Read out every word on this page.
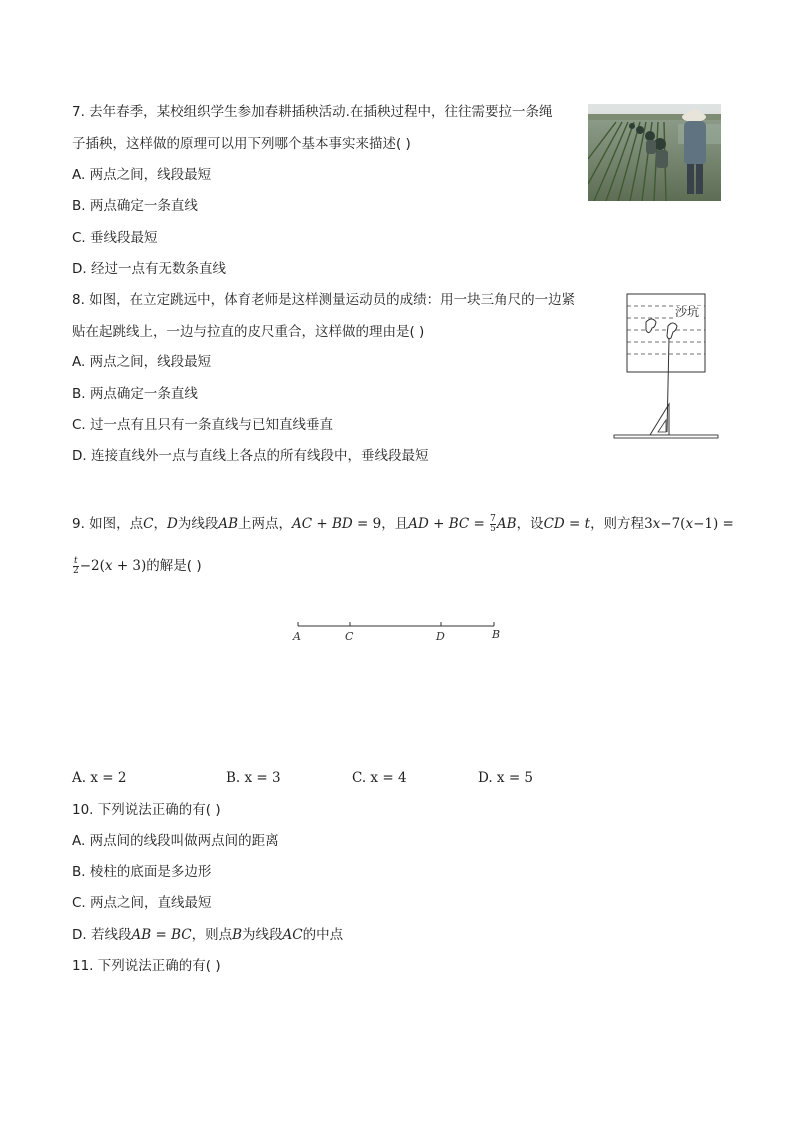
7. 去年春季，某校组织学生参加春耕插秧活动.在插秧过程中，往往需要拉一条绳
子插秧，这样做的原理可以用下列哪个基本事实来描述( )
A. 两点之间，线段最短
B. 两点确定一条直线
C. 垂线段最短
D. 经过一点有无数条直线
8. 如图，在立定跳远中，体育老师是这样测量运动员的成绩：用一块三角尺的一边紧
贴在起跳线上，一边与拉直的皮尺重合，这样做的理由是( )
A. 两点之间，线段最短
B. 两点确定一条直线
C. 过一点有且只有一条直线与已知直线垂直
D. 连接直线外一点与直线上各点的所有线段中，垂线段最短
沙坑
9. 如图，点C，D为线段AB上两点，AC + BD = 9，且AD + BC = $\frac{7}{5}$ AB，设CD = t，则方程3x−7(x−1) =
$\frac{t}{2} -2(x + 3)$的解是( )
A	C	D	B
A. x = 2	B. x = 3	C. x = 4	D. x = 5
10. 下列说法正确的有( )
A. 两点间的线段叫做两点间的距离
B. 棱柱的底面是多边形
C. 两点之间，直线最短
D. 若线段AB = BC，则点B为线段AC的中点
11. 下列说法正确的有( )
